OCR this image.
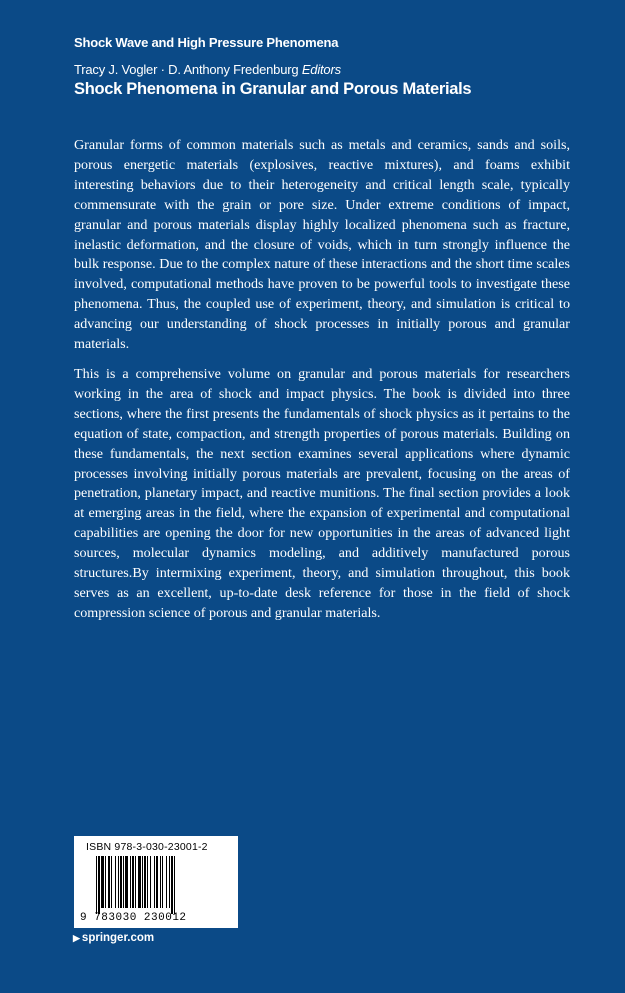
Shock Wave and High Pressure Phenomena
Tracy J. Vogler · D. Anthony Fredenburg Editors
Shock Phenomena in Granular and Porous Materials

Granular forms of common materials such as metals and ceramics, sands and soils, porous energetic materials (explosives, reactive mixtures), and foams exhibit interesting behaviors due to their heterogeneity and critical length scale, typically commensurate with the grain or pore size. Under extreme conditions of impact, granular and porous materials display highly localized phenomena such as fracture, inelastic deformation, and the closure of voids, which in turn strongly influence the bulk response. Due to the complex nature of these interactions and the short time scales involved, computational methods have proven to be powerful tools to investigate these phenomena. Thus, the coupled use of experiment, theory, and simulation is critical to advancing our understanding of shock processes in initially porous and granular materials.

This is a comprehensive volume on granular and porous materials for researchers working in the area of shock and impact physics. The book is divided into three sections, where the first presents the fundamentals of shock physics as it pertains to the equation of state, compaction, and strength properties of porous materials. Building on these fundamentals, the next section examines several applications where dynamic processes involving initially porous materials are prevalent, focusing on the areas of penetration, planetary impact, and reactive munitions. The final section provides a look at emerging areas in the field, where the expansion of experimental and computational capabilities are opening the door for new opportunities in the areas of advanced light sources, molecular dynamics modeling, and additively manufactured porous structures.By intermixing experiment, theory, and simulation throughout, this book serves as an excellent, up-to-date desk reference for those in the field of shock compression science of porous and granular materials.

ISBN 978-3-030-23001-2
9 783030 230012
▶ springer.com
